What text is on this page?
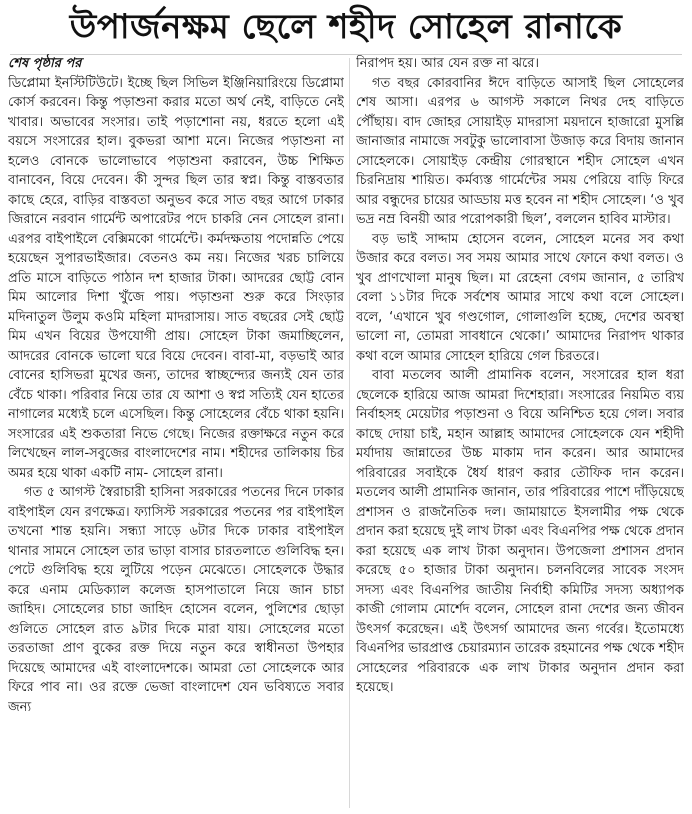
উপার্জনক্ষম ছেলে শহীদ সোহেল রানাকে

শেষ পৃষ্ঠার পর

ডিপ্লোমা ইনস্টিটিউটে। ইচ্ছে ছিল সিভিল ইঞ্জিনিয়ারিংয়ে ডিপ্লোমা কোর্স করবেন। কিন্তু পড়াশুনা করার মতো অর্থ নেই, বাড়িতে নেই খাবার। অভাবের সংসার। তাই পড়াশোনা নয়, ধরতে হলো এই বয়সে সংসারের হাল। বুকভরা আশা মনে। নিজের পড়াশুনা না হলেও বোনকে ভালোভাবে পড়াশুনা করাবেন, উচ্চ শিক্ষিত বানাবেন, বিয়ে দেবেন। কী সুন্দর ছিল তার স্বপ্ন। কিন্তু বাস্তবতার কাছে হেরে, বাড়ির বাস্তবতা অনুভব করে সাত বছর আগে ঢাকার জিরানে নরবান গার্মেন্ট অপারেটর পদে চাকরি নেন সোহেল রানা। এরপর বাইপাইলে বেক্সিমকো গার্মেন্টে। কর্মদক্ষতায় পদোন্নতি পেয়ে হয়েছেন সুপারভাইজার। বেতনও কম নয়। নিজের খরচ চালিয়ে প্রতি মাসে বাড়িতে পাঠান দশ হাজার টাকা। আদরের ছোট্ট বোন মিম আলোর দিশা খুঁজে পায়। পড়াশুনা শুরু করে সিংড়ার মদিনাতুল উলুম কওমি মহিলা মাদরাসায়। সাত বছরের সেই ছোট্ট মিম এখন বিয়ের উপযোগী প্রায়। সোহেল টাকা জমাচ্ছিলেন, আদরের বোনকে ভালো ঘরে বিয়ে দেবেন। বাবা-মা, বড়ভাই আর বোনের হাসিভরা মুখের জন্য, তাদের স্বাচ্ছন্দ্যের জন্যই যেন তার বেঁচে থাকা। পরিবার নিয়ে তার যে আশা ও স্বপ্ন সত্যিই যেন হাতের নাগালের মধ্যেই চলে এসেছিল। কিন্তু সোহেলের বেঁচে থাকা হয়নি। সংসারের এই শুকতারা নিভে গেছে। নিজের রক্তাক্ষরে নতুন করে লিখেছেন লাল-সবুজের বাংলাদেশের নাম। শহীদের তালিকায় চির অমর হয়ে থাকা একটি নাম- সোহেল রানা।

গত ৫ আগস্ট স্বৈরাচারী হাসিনা সরকারের পতনের দিনে ঢাকার বাইপাইল যেন রণক্ষেত্র। ফ্যাসিস্ট সরকারের পতনের পর বাইপাইল তখনো শান্ত হয়নি। সন্ধ্যা সাড়ে ৬টার দিকে ঢাকার বাইপাইল থানার সামনে সোহেল তার ভাড়া বাসার চারতলাতে গুলিবিদ্ধ হন। পেটে গুলিবিদ্ধ হয়ে লুটিয়ে পড়েন মেঝেতে। সোহেলকে উদ্ধার করে এনাম মেডিক্যাল কলেজ হাসপাতালে নিয়ে জান চাচা জাহিদ। সোহেলের চাচা জাহিদ হোসেন বলেন, পুলিশের ছোড়া গুলিতে সোহেল রাত ৯টার দিকে মারা যায়। সোহেলের মতো তরতাজা প্রাণ বুকের রক্ত দিয়ে নতুন করে স্বাধীনতা উপহার দিয়েছে আমাদের এই বাংলাদেশকে। আমরা তো সোহেলকে আর ফিরে পাব না। ওর রক্তে ভেজা বাংলাদেশ যেন ভবিষ্যতে সবার জন্য

নিরাপদ হয়। আর যেন রক্ত না ঝরে।

গত বছর কোরবানির ঈদে বাড়িতে আসাই ছিল সোহেলের শেষ আসা। এরপর ৬ আগস্ট সকালে নিথর দেহ বাড়িতে পৌঁছায়। বাদ জোহর সোয়াইড় মাদরাসা ময়দানে হাজারো মুসল্লি জানাজার নামাজে সবটুকু ভালোবাসা উজাড় করে বিদায় জানান সোহেলকে। সোয়াইড় কেন্দ্রীয় গোরস্থানে শহীদ সোহেল এখন চিরনিদ্রায় শায়িত। কর্মব্যস্ত গার্মেন্টের সময় পেরিয়ে বাড়ি ফিরে আর বন্ধুদের চায়ের আড্ডায় মত্ত হবেন না শহীদ সোহেল। ‘ও খুব ভদ্র নম্র বিনয়ী আর পরোপকারী ছিল’, বললেন হাবিব মাস্টার।

বড় ভাই সাদ্দাম হোসেন বলেন, সোহেল মনের সব কথা উজার করে বলত। সব সময় আমার সাথে ফোনে কথা বলত। ও খুব প্রাণখোলা মানুষ ছিল। মা রেহেনা বেগম জানান, ৫ তারিখ বেলা ১১টার দিকে সর্বশেষ আমার সাথে কথা বলে সোহেল। বলে, ‘এখানে খুব গণ্ডগোল, গোলাগুলি হচ্ছে, দেশের অবস্থা ভালো না, তোমরা সাবধানে থেকো।’ আমাদের নিরাপদ থাকার কথা বলে আমার সোহেল হারিয়ে গেল চিরতরে।

বাবা মতলেব আলী প্রামানিক বলেন, সংসারের হাল ধরা ছেলেকে হারিয়ে আজ আমরা দিশেহারা। সংসারের নিয়মিত ব্যয় নির্বাহসহ মেয়েটার পড়াশুনা ও বিয়ে অনিশ্চিত হয়ে গেল। সবার কাছে দোয়া চাই, মহান আল্লাহ আমাদের সোহেলকে যেন শহীদী মর্যাদায় জান্নাতের উচ্চ মাকাম দান করেন। আর আমাদের পরিবারের সবাইকে ধৈর্য ধারণ করার তৌফিক দান করেন। মতলেব আলী প্রামানিক জানান, তার পরিবারের পাশে দাঁড়িয়েছে প্রশাসন ও রাজনৈতিক দল। জামায়াতে ইসলামীর পক্ষ থেকে প্রদান করা হয়েছে দুই লাখ টাকা এবং বিএনপির পক্ষ থেকে প্রদান করা হয়েছে এক লাখ টাকা অনুদান। উপজেলা প্রশাসন প্রদান করেছে ৫০ হাজার টাকা অনুদান। চলনবিলের সাবেক সংসদ সদস্য এবং বিএনপির জাতীয় নির্বাহী কমিটির সদস্য অধ্যাপক কাজী গোলাম মোর্শেদ বলেন, সোহেল রানা দেশের জন্য জীবন উৎসর্গ করেছেন। এই উৎসর্গ আমাদের জন্য গর্বের। ইতোমধ্যে বিএনপির ভারপ্রাপ্ত চেয়ারম্যান তারেক রহমানের পক্ষ থেকে শহীদ সোহেলের পরিবারকে এক লাখ টাকার অনুদান প্রদান করা হয়েছে।
